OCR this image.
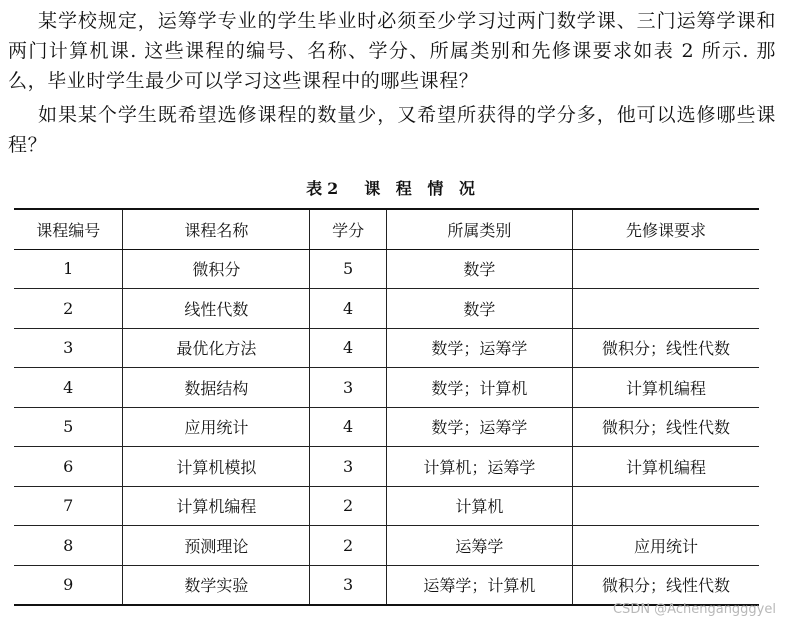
某学校规定，运筹学专业的学生毕业时必须至少学习过两门数学课、三门运筹学课和两门计算机课. 这些课程的编号、名称、学分、所属类别和先修课要求如表 2 所示. 那么，毕业时学生最少可以学习这些课程中的哪些课程？

如果某个学生既希望选修课程的数量少，又希望所获得的学分多，他可以选修哪些课程？

表2　课 程 情 况
课程编号	课程名称	学分	所属类别	先修课要求
1	微积分	5	数学	
2	线性代数	4	数学	
3	最优化方法	4	数学；运筹学	微积分；线性代数
4	数据结构	3	数学；计算机	计算机编程
5	应用统计	4	数学；运筹学	微积分；线性代数
6	计算机模拟	3	计算机；运筹学	计算机编程
7	计算机编程	2	计算机	
8	预测理论	2	运筹学	应用统计
9	数学实验	3	运筹学；计算机	微积分；线性代数
CSDN @Achengangggyel
